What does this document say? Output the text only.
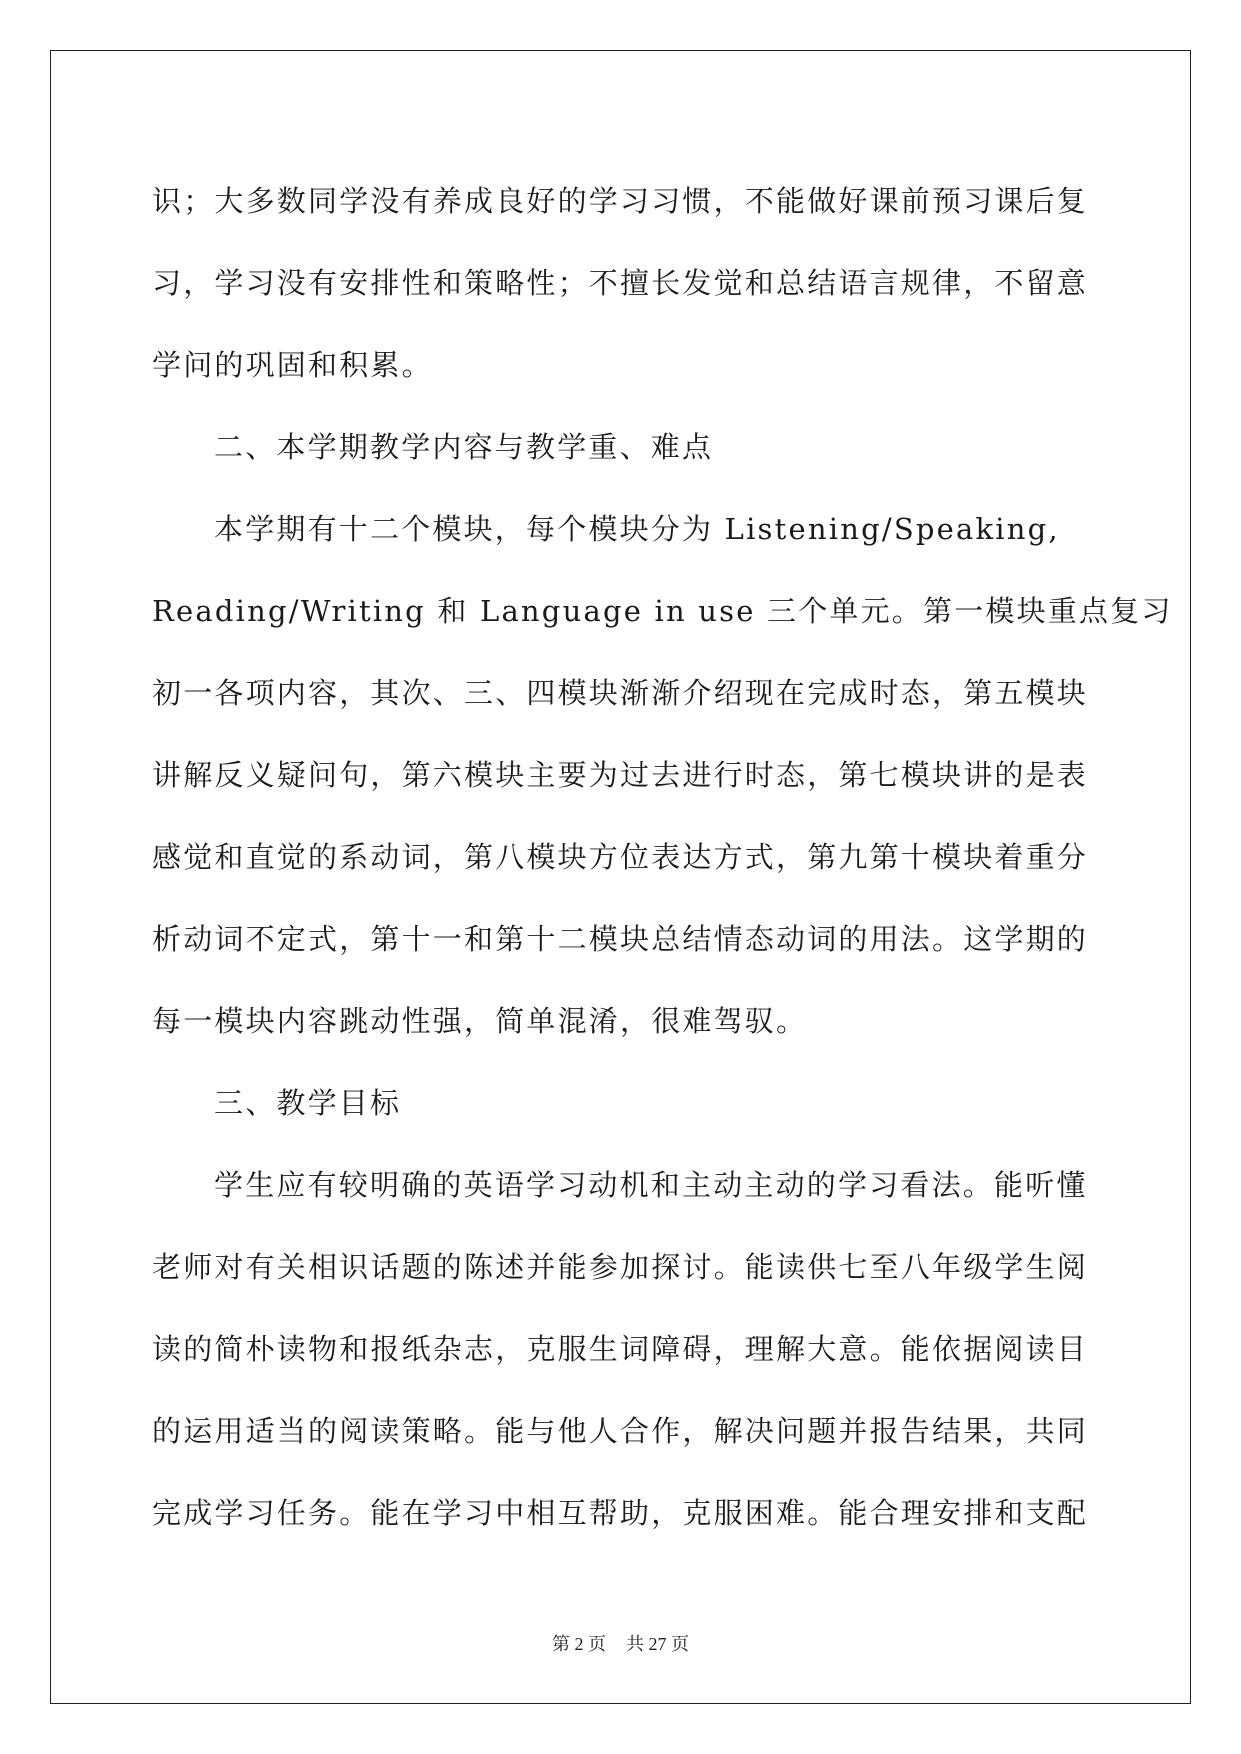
识；大多数同学没有养成良好的学习习惯，不能做好课前预习课后复
习，学习没有安排性和策略性；不擅长发觉和总结语言规律，不留意
学问的巩固和积累。
二、本学期教学内容与教学重、难点
本学期有十二个模块，每个模块分为 Listening/Speaking,
Reading/Writing 和 Language in use 三个单元。第一模块重点复习
初一各项内容，其次、三、四模块渐渐介绍现在完成时态，第五模块
讲解反义疑问句，第六模块主要为过去进行时态，第七模块讲的是表
感觉和直觉的系动词，第八模块方位表达方式，第九第十模块着重分
析动词不定式，第十一和第十二模块总结情态动词的用法。这学期的
每一模块内容跳动性强，简单混淆，很难驾驭。
三、教学目标
学生应有较明确的英语学习动机和主动主动的学习看法。能听懂
老师对有关相识话题的陈述并能参加探讨。能读供七至八年级学生阅
读的简朴读物和报纸杂志，克服生词障碍，理解大意。能依据阅读目
的运用适当的阅读策略。能与他人合作，解决问题并报告结果，共同
完成学习任务。能在学习中相互帮助，克服困难。能合理安排和支配
第 2 页 共 27 页
